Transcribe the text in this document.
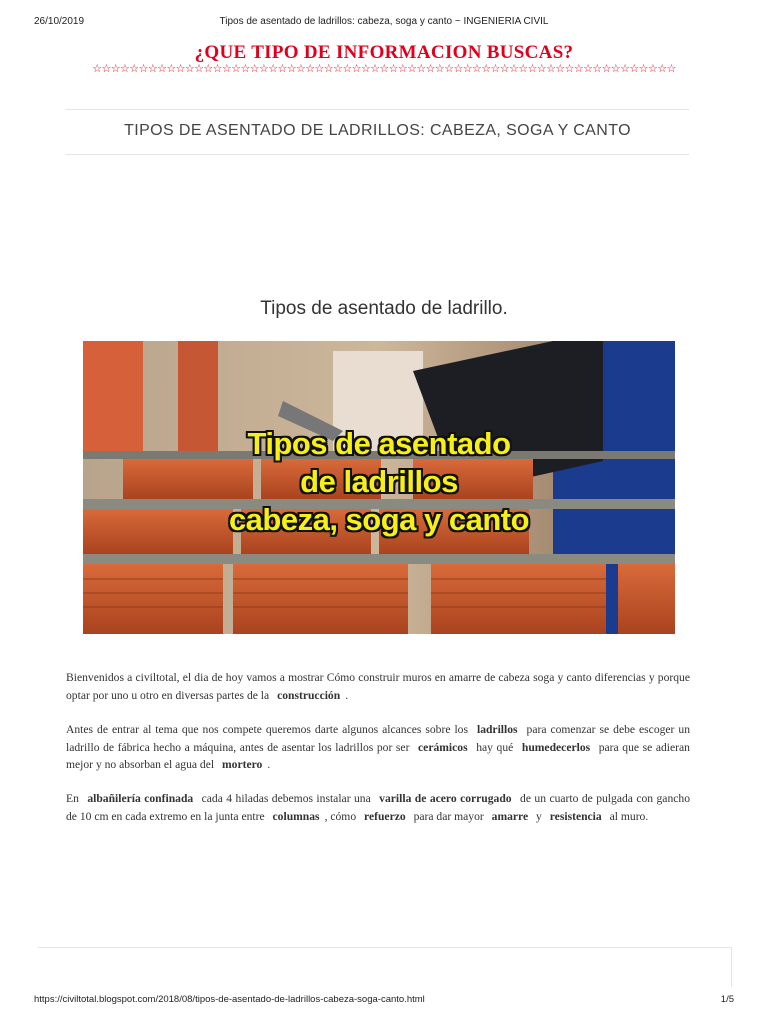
26/10/2019	Tipos de asentado de ladrillos: cabeza, soga y canto ~ INGENIERIA CIVIL
¿QUE TIPO DE INFORMACION BUSCAS?
☆☆☆☆☆☆☆☆☆☆☆☆☆☆☆☆☆☆☆☆☆☆☆☆☆☆☆☆☆☆☆☆☆☆☆☆☆☆☆☆☆☆☆☆☆☆☆☆☆☆☆☆☆☆☆☆☆☆☆☆☆☆☆
TIPOS DE ASENTADO DE LADRILLOS: CABEZA, SOGA Y CANTO
Tipos de asentado de ladrillo.
Tipos de asentado
de ladrillos
cabeza, soga y canto
Bienvenidos a civiltotal, el dia de hoy vamos a mostrar Cómo construir muros en amarre de cabeza soga y canto diferencias y porque optar por uno u otro en diversas partes de la construcción .
Antes de entrar al tema que nos compete queremos darte algunos alcances sobre los ladrillos para comenzar se debe escoger un ladrillo de fábrica hecho a máquina, antes de asentar los ladrillos por ser cerámicos hay qué humedecerlos para que se adieran mejor y no absorban el agua del mortero .
En albañilería confinada cada 4 hiladas debemos instalar una varilla de acero corrugado de un cuarto de pulgada con gancho de 10 cm en cada extremo en la junta entre columnas , cómo refuerzo para dar mayor amarre y resistencia al muro.
https://civiltotal.blogspot.com/2018/08/tipos-de-asentado-de-ladrillos-cabeza-soga-canto.html	1/5
